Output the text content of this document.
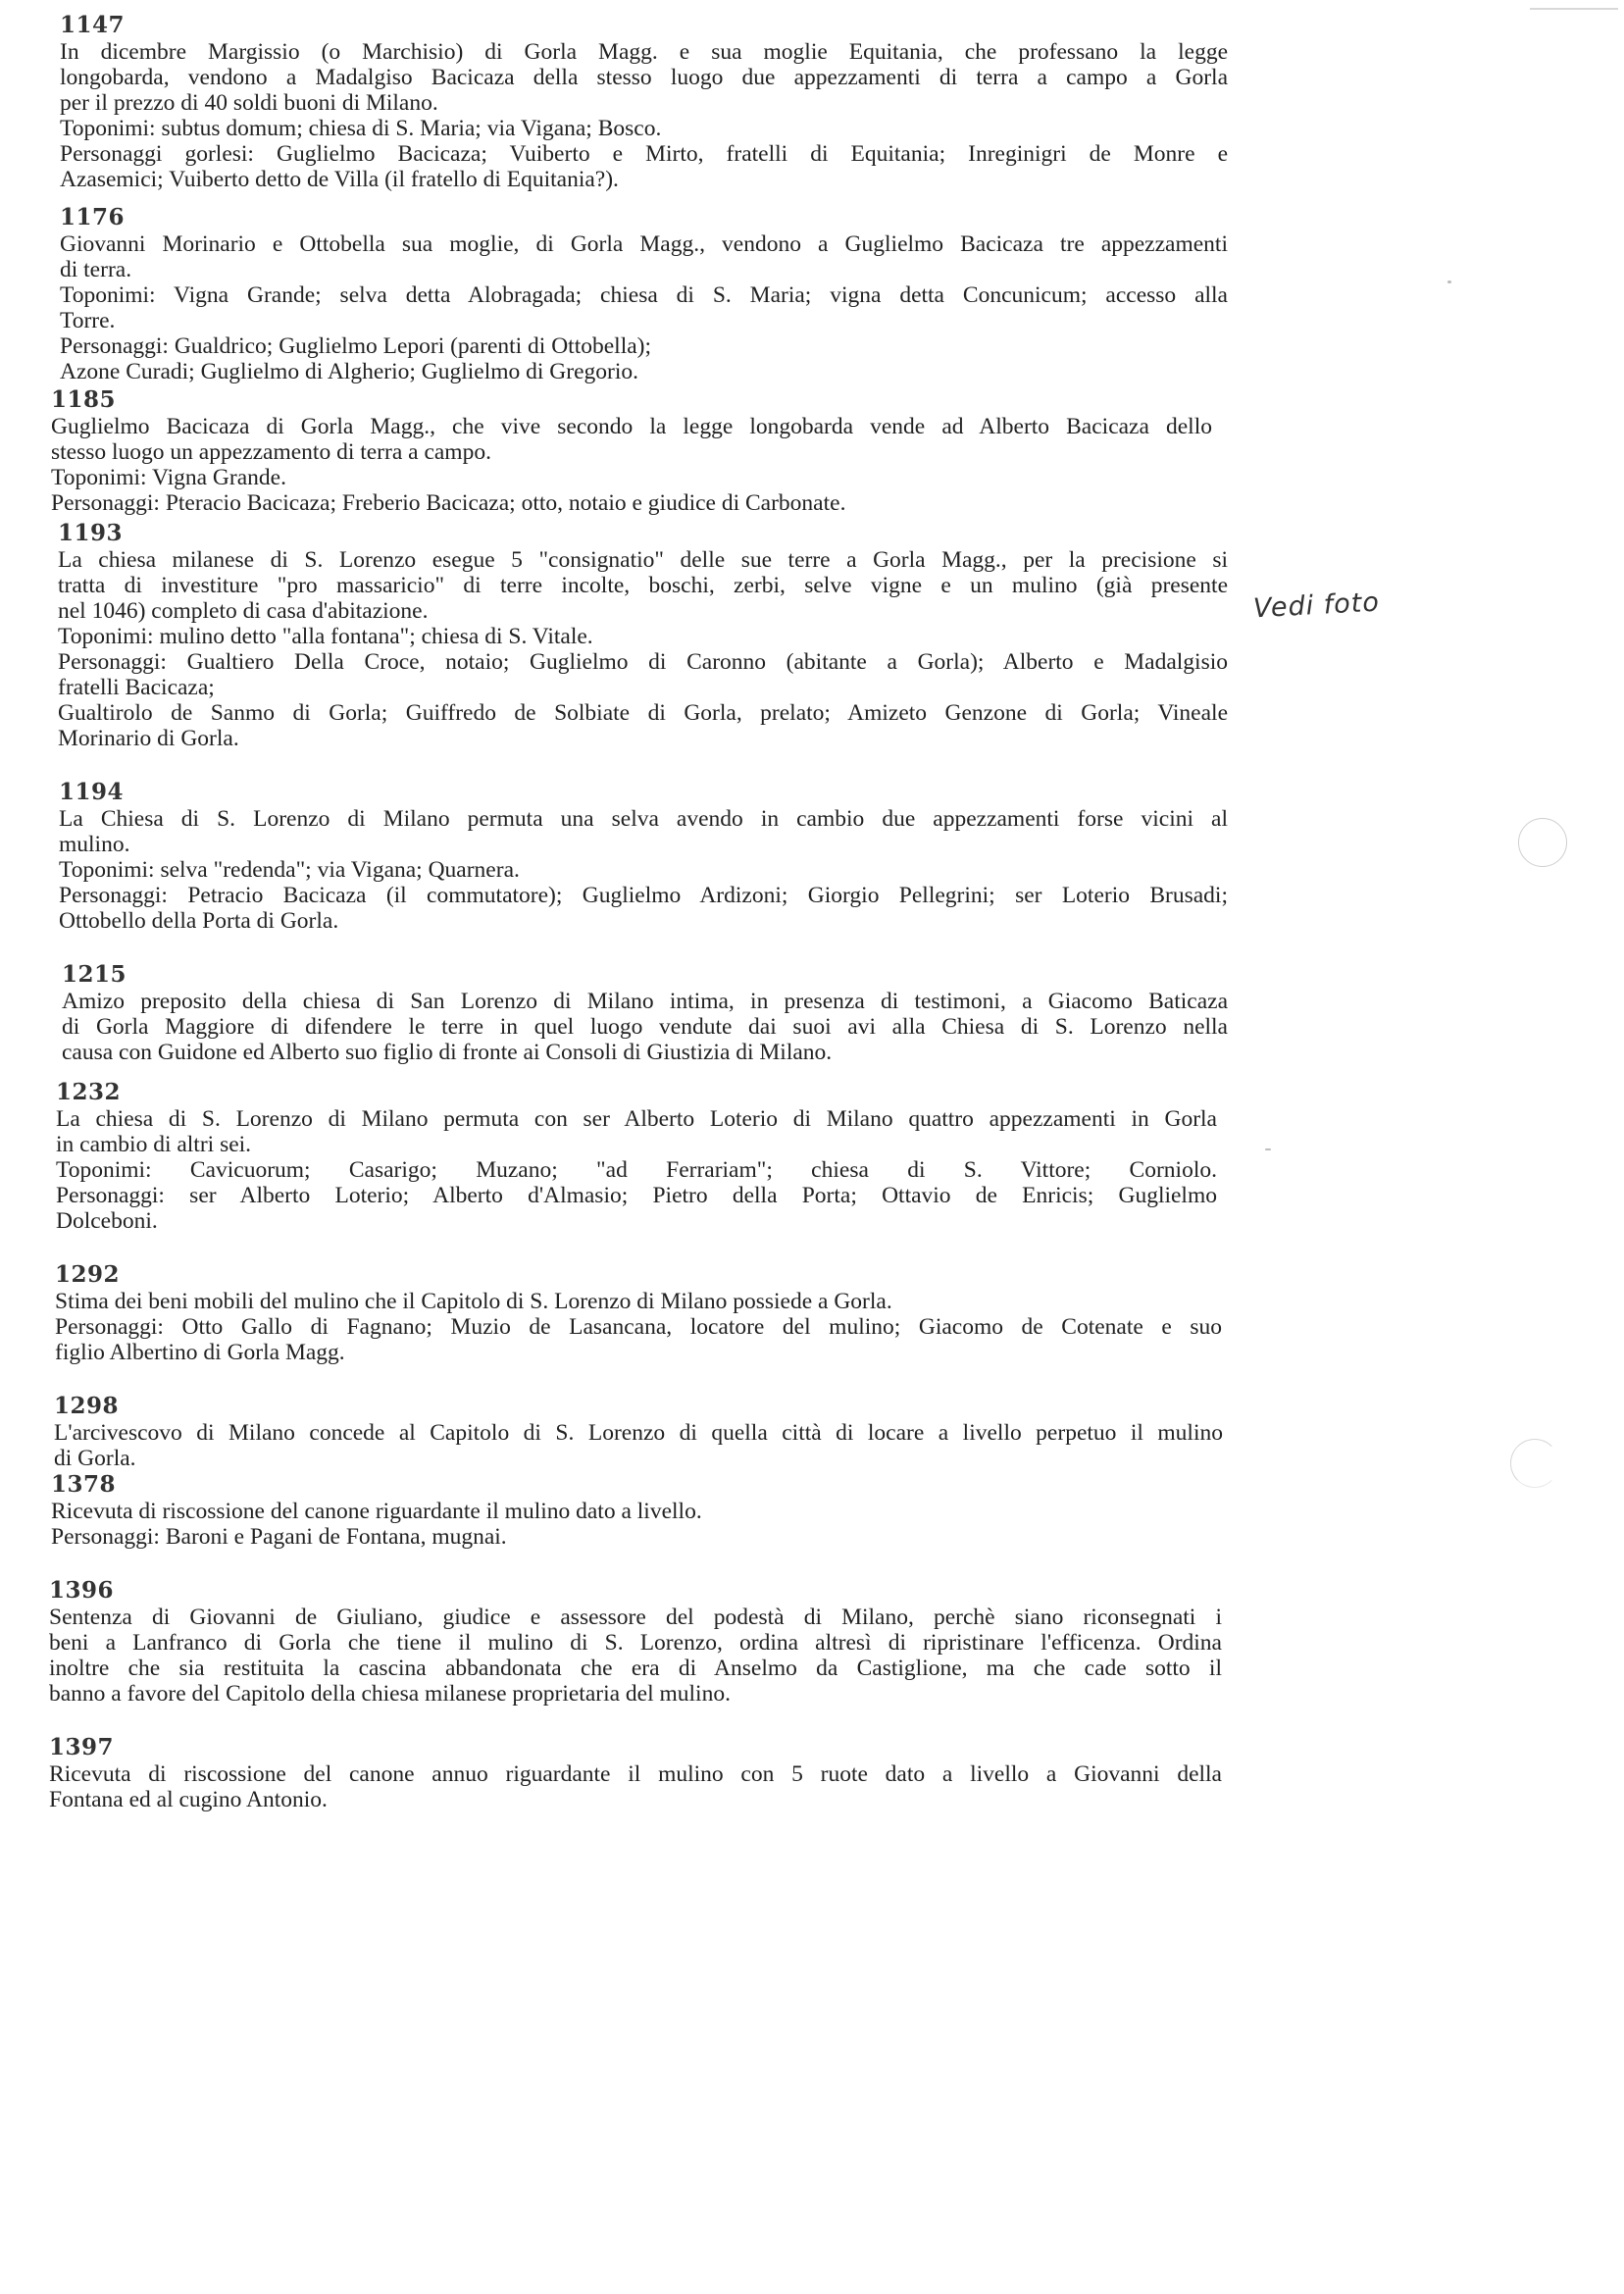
1147
In dicembre Margissio (o Marchisio) di Gorla Magg. e sua moglie Equitania, che professano la legge
longobarda, vendono a Madalgiso Bacicaza della stesso luogo due appezzamenti di terra a campo a Gorla
per il prezzo di 40 soldi buoni di Milano.
Toponimi: subtus domum; chiesa di S. Maria; via Vigana; Bosco.
Personaggi gorlesi: Guglielmo Bacicaza; Vuiberto e Mirto, fratelli di Equitania; Inreginigri de Monre e
Azasemici; Vuiberto detto de Villa (il fratello di Equitania?).
1176
Giovanni Morinario e Ottobella sua moglie, di Gorla Magg., vendono a Guglielmo Bacicaza tre appezzamenti
di terra.
Toponimi: Vigna Grande; selva detta Alobragada; chiesa di S. Maria; vigna detta Concunicum; accesso alla
Torre.
Personaggi: Gualdrico; Guglielmo Lepori (parenti di Ottobella);
Azone Curadi; Guglielmo di Algherio; Guglielmo di Gregorio.
1185
Guglielmo Bacicaza di Gorla Magg., che vive secondo la legge longobarda vende ad Alberto Bacicaza dello
stesso luogo un appezzamento di terra a campo.
Toponimi: Vigna Grande.
Personaggi: Pteracio Bacicaza; Freberio Bacicaza; otto, notaio e giudice di Carbonate.
1193
La chiesa milanese di S. Lorenzo esegue 5 "consignatio" delle sue terre a Gorla Magg., per la precisione si
tratta di investiture "pro massaricio" di terre incolte, boschi, zerbi, selve vigne e un mulino (già presente
nel 1046) completo di casa d'abitazione.
Toponimi: mulino detto "alla fontana"; chiesa di S. Vitale.
Personaggi: Gualtiero Della Croce, notaio; Guglielmo di Caronno (abitante a Gorla); Alberto e Madalgisio
fratelli Bacicaza;
Gualtirolo de Sanmo di Gorla; Guiffredo de Solbiate di Gorla, prelato; Amizeto Genzone di Gorla; Vineale
Morinario di Gorla.
1194
La Chiesa di S. Lorenzo di Milano permuta una selva avendo in cambio due appezzamenti forse vicini al
mulino.
Toponimi: selva "redenda"; via Vigana; Quarnera.
Personaggi: Petracio Bacicaza (il commutatore); Guglielmo Ardizoni; Giorgio Pellegrini; ser Loterio Brusadi;
Ottobello della Porta di Gorla.
1215
Amizo preposito della chiesa di San Lorenzo di Milano intima, in presenza di testimoni, a Giacomo Baticaza
di Gorla Maggiore di difendere le terre in quel luogo vendute dai suoi avi alla Chiesa di S. Lorenzo nella
causa con Guidone ed Alberto suo figlio di fronte ai Consoli di Giustizia di Milano.
1232
La chiesa di S. Lorenzo di Milano permuta con ser Alberto Loterio di Milano quattro appezzamenti in Gorla
in cambio di altri sei.
Toponimi: Cavicuorum; Casarigo; Muzano; "ad Ferrariam"; chiesa di S. Vittore; Corniolo.
Personaggi: ser Alberto Loterio; Alberto d'Almasio; Pietro della Porta; Ottavio de Enricis; Guglielmo
Dolceboni.
1292
Stima dei beni mobili del mulino che il Capitolo di S. Lorenzo di Milano possiede a Gorla.
Personaggi: Otto Gallo di Fagnano; Muzio de Lasancana, locatore del mulino; Giacomo de Cotenate e suo
figlio Albertino di Gorla Magg.
1298
L'arcivescovo di Milano concede al Capitolo di S. Lorenzo di quella città di locare a livello perpetuo il mulino
di Gorla.
1378
Ricevuta di riscossione del canone riguardante il mulino dato a livello.
Personaggi: Baroni e Pagani de Fontana, mugnai.
1396
Sentenza di Giovanni de Giuliano, giudice e assessore del podestà di Milano, perchè siano riconsegnati i
beni a Lanfranco di Gorla che tiene il mulino di S. Lorenzo, ordina altresì di ripristinare l'efficenza. Ordina
inoltre che sia restituita la cascina abbandonata che era di Anselmo da Castiglione, ma che cade sotto il
banno a favore del Capitolo della chiesa milanese proprietaria del mulino.
1397
Ricevuta di riscossione del canone annuo riguardante il mulino con 5 ruote dato a livello a Giovanni della
Fontana ed al cugino Antonio.
Vedi foto
